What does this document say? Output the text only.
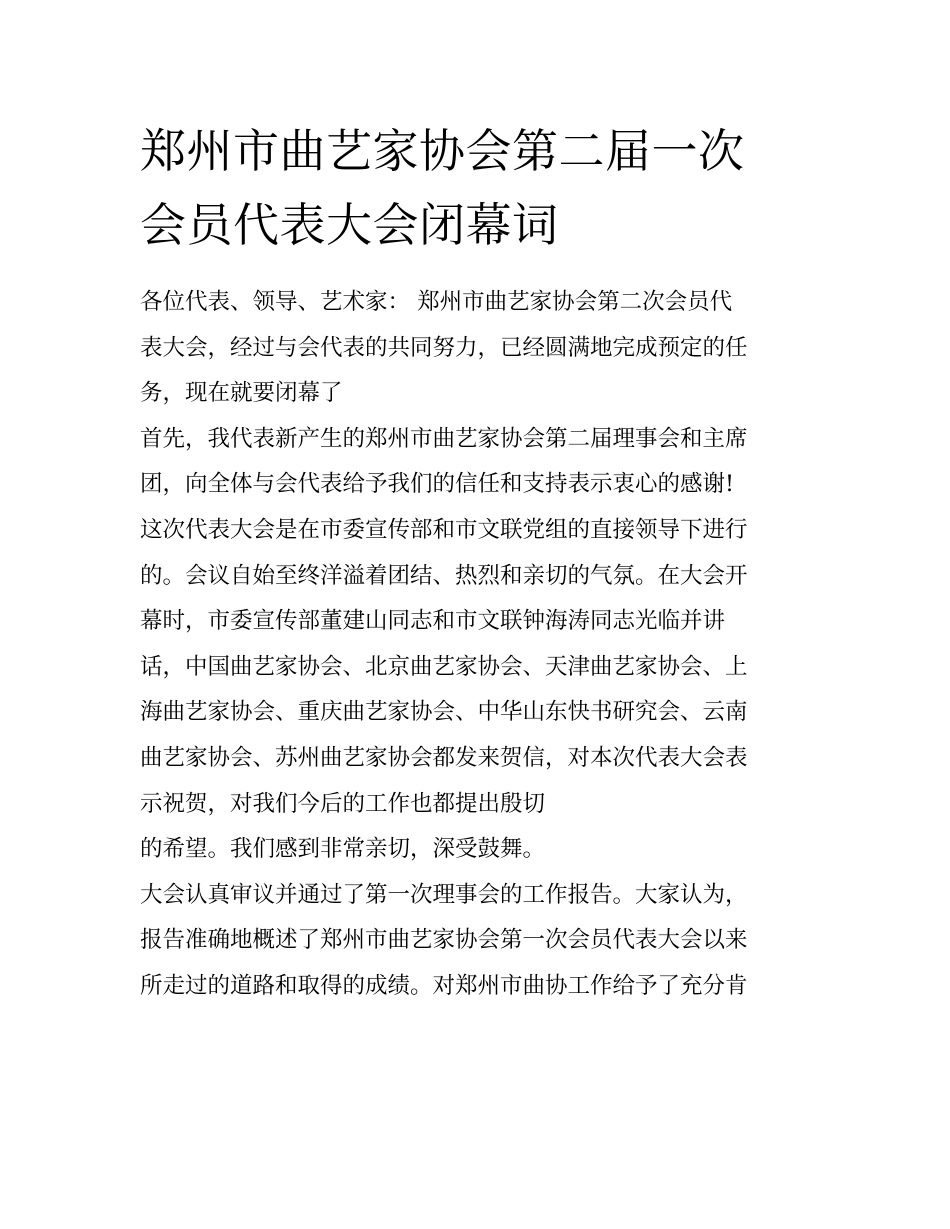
郑州市曲艺家协会第二届一次
会员代表大会闭幕词
各位代表、领导、艺术家： 郑州市曲艺家协会第二次会员代
表大会，经过与会代表的共同努力，已经圆满地完成预定的任
务，现在就要闭幕了
首先，我代表新产生的郑州市曲艺家协会第二届理事会和主席
团，向全体与会代表给予我们的信任和支持表示衷心的感谢!
这次代表大会是在市委宣传部和市文联党组的直接领导下进行
的。会议自始至终洋溢着团结、热烈和亲切的气氛。在大会开
幕时，市委宣传部董建山同志和市文联钟海涛同志光临并讲
话，中国曲艺家协会、北京曲艺家协会、天津曲艺家协会、上
海曲艺家协会、重庆曲艺家协会、中华山东快书研究会、云南
曲艺家协会、苏州曲艺家协会都发来贺信，对本次代表大会表
示祝贺，对我们今后的工作也都提出殷切
的希望。我们感到非常亲切，深受鼓舞。
大会认真审议并通过了第一次理事会的工作报告。大家认为，
报告准确地概述了郑州市曲艺家协会第一次会员代表大会以来
所走过的道路和取得的成绩。对郑州市曲协工作给予了充分肯
